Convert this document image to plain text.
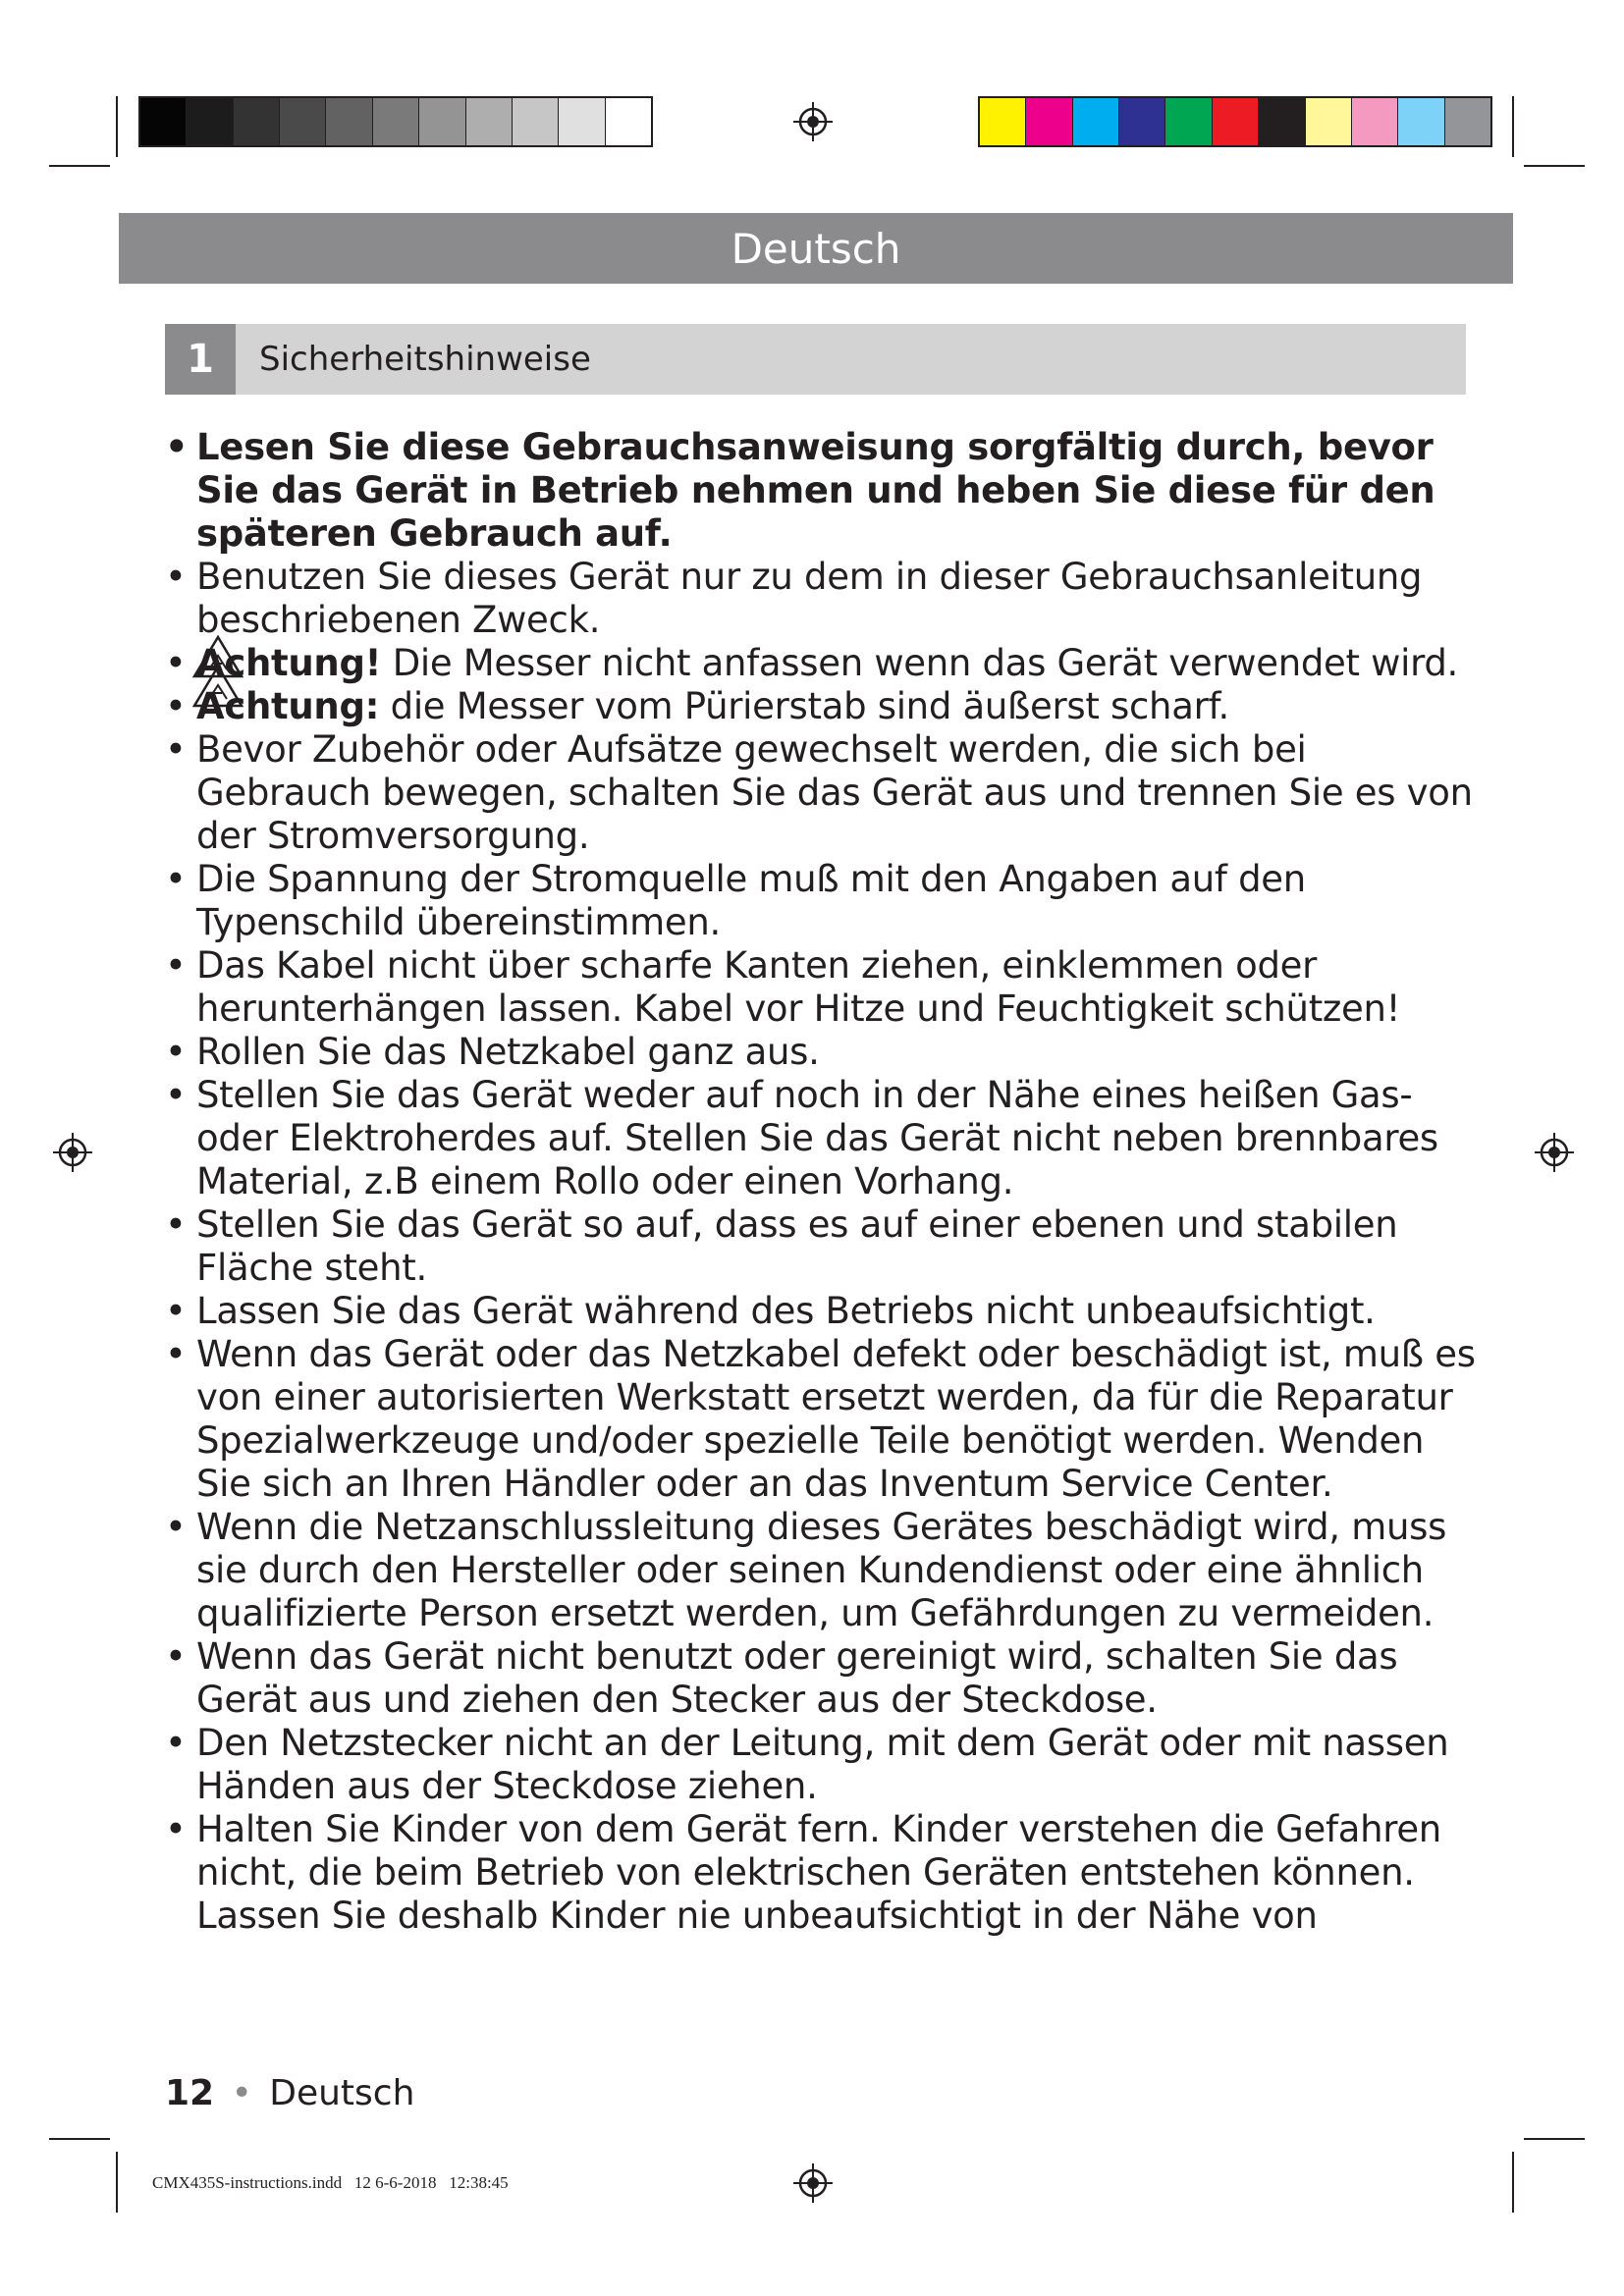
Deutsch
1	Sicherheitshinweise
• Lesen Sie diese Gebrauchsanweisung sorgfältig durch, bevor Sie das Gerät in Betrieb nehmen und heben Sie diese für den späteren Gebrauch auf.
• Benutzen Sie dieses Gerät nur zu dem in dieser Gebrauchsanleitung beschriebenen Zweck.
• Achtung! Die Messer nicht anfassen wenn das Gerät verwendet wird.
• Achtung: die Messer vom Pürierstab sind äußerst scharf.
• Bevor Zubehör oder Aufsätze gewechselt werden, die sich bei Gebrauch bewegen, schalten Sie das Gerät aus und trennen Sie es von der Stromversorgung.
• Die Spannung der Stromquelle muß mit den Angaben auf den Typenschild übereinstimmen.
• Das Kabel nicht über scharfe Kanten ziehen, einklemmen oder herunterhängen lassen. Kabel vor Hitze und Feuchtigkeit schützen!
• Rollen Sie das Netzkabel ganz aus.
• Stellen Sie das Gerät weder auf noch in der Nähe eines heißen Gas- oder Elektroherdes auf. Stellen Sie das Gerät nicht neben brennbares Material, z.B einem Rollo oder einen Vorhang.
• Stellen Sie das Gerät so auf, dass es auf einer ebenen und stabilen Fläche steht.
• Lassen Sie das Gerät während des Betriebs nicht unbeaufsichtigt.
• Wenn das Gerät oder das Netzkabel defekt oder beschädigt ist, muß es von einer autorisierten Werkstatt ersetzt werden, da für die Reparatur Spezialwerkzeuge und/oder spezielle Teile benötigt werden. Wenden Sie sich an Ihren Händler oder an das Inventum Service Center.
• Wenn die Netzanschlussleitung dieses Gerätes beschädigt wird, muss sie durch den Hersteller oder seinen Kundendienst oder eine ähnlich qualifizierte Person ersetzt werden, um Gefährdungen zu vermeiden.
• Wenn das Gerät nicht benutzt oder gereinigt wird, schalten Sie das Gerät aus und ziehen den Stecker aus der Steckdose.
• Den Netzstecker nicht an der Leitung, mit dem Gerät oder mit nassen Händen aus der Steckdose ziehen.
• Halten Sie Kinder von dem Gerät fern. Kinder verstehen die Gefahren nicht, die beim Betrieb von elektrischen Geräten entstehen können. Lassen Sie deshalb Kinder nie unbeaufsichtigt in der Nähe von
12 • Deutsch
CMX435S-instructions.indd   12 6-6-2018   12:38:45
